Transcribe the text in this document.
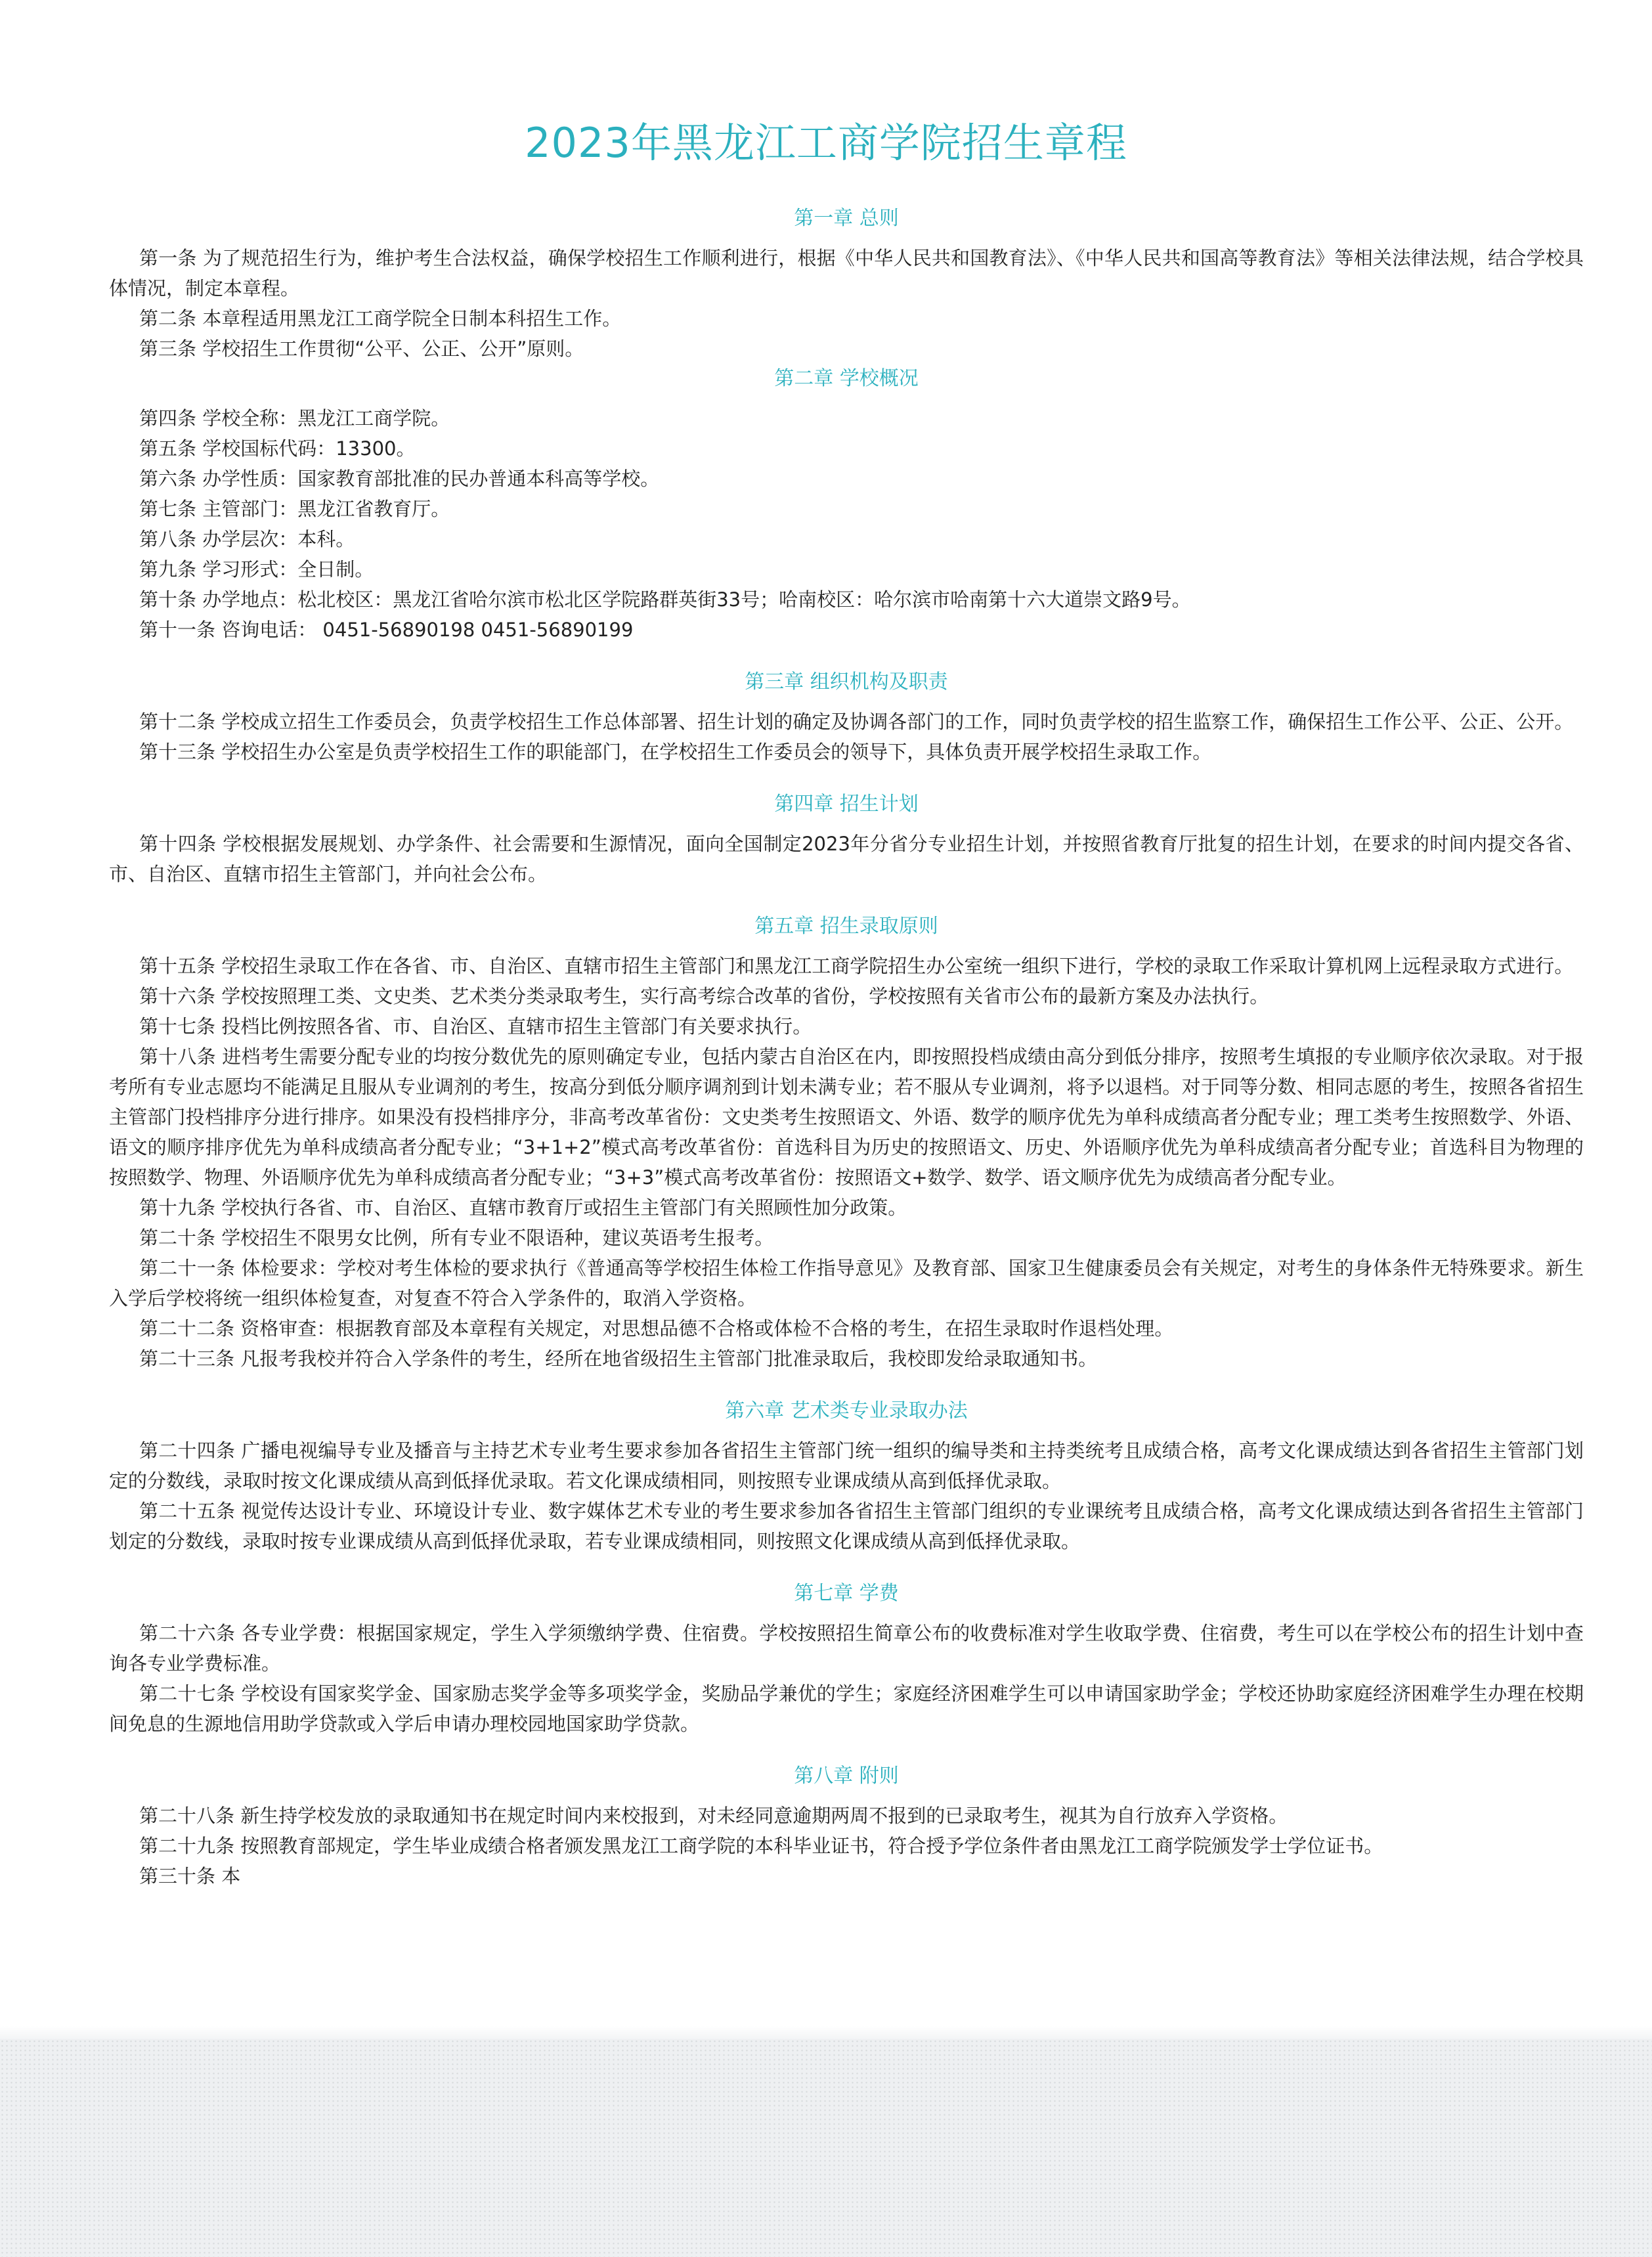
2023年黑龙江工商学院招生章程
第一章 总则

第一条 为了规范招生行为，维护考生合法权益，确保学校招生工作顺利进行，根据《中华人民共和国教育法》、《中华人民共和国高等教育法》等相关法律法规，结合学校具体情况，制定本章程。

第二条 本章程适用黑龙江工商学院全日制本科招生工作。

第三条 学校招生工作贯彻“公平、公正、公开”原则。

第二章 学校概况

第四条 学校全称：黑龙江工商学院。

第五条 学校国标代码：13300。

第六条 办学性质：国家教育部批准的民办普通本科高等学校。

第七条 主管部门：黑龙江省教育厅。

第八条 办学层次：本科。

第九条 学习形式：全日制。

第十条 办学地点：松北校区：黑龙江省哈尔滨市松北区学院路群英街33号；哈南校区：哈尔滨市哈南第十六大道崇文路9号。

第十一条 咨询电话： 0451-56890198 0451-56890199

第三章 组织机构及职责

第十二条 学校成立招生工作委员会，负责学校招生工作总体部署、招生计划的确定及协调各部门的工作，同时负责学校的招生监察工作，确保招生工作公平、公正、公开。

第十三条 学校招生办公室是负责学校招生工作的职能部门，在学校招生工作委员会的领导下，具体负责开展学校招生录取工作。

第四章 招生计划

第十四条 学校根据发展规划、办学条件、社会需要和生源情况，面向全国制定2023年分省分专业招生计划，并按照省教育厅批复的招生计划，在要求的时间内提交各省、市、自治区、直辖市招生主管部门，并向社会公布。

第五章 招生录取原则

第十五条 学校招生录取工作在各省、市、自治区、直辖市招生主管部门和黑龙江工商学院招生办公室统一组织下进行，学校的录取工作采取计算机网上远程录取方式进行。

第十六条 学校按照理工类、文史类、艺术类分类录取考生，实行高考综合改革的省份，学校按照有关省市公布的最新方案及办法执行。

第十七条 投档比例按照各省、市、自治区、直辖市招生主管部门有关要求执行。

第十八条 进档考生需要分配专业的均按分数优先的原则确定专业，包括内蒙古自治区在内，即按照投档成绩由高分到低分排序，按照考生填报的专业顺序依次录取。对于报考所有专业志愿均不能满足且服从专业调剂的考生，按高分到低分顺序调剂到计划未满专业；若不服从专业调剂，将予以退档。对于同等分数、相同志愿的考生，按照各省招生主管部门投档排序分进行排序。如果没有投档排序分，非高考改革省份：文史类考生按照语文、外语、数学的顺序优先为单科成绩高者分配专业；理工类考生按照数学、外语、语文的顺序排序优先为单科成绩高者分配专业；“3+1+2”模式高考改革省份：首选科目为历史的按照语文、历史、外语顺序优先为单科成绩高者分配专业；首选科目为物理的按照数学、物理、外语顺序优先为单科成绩高者分配专业；“3+3”模式高考改革省份：按照语文+数学、数学、语文顺序优先为成绩高者分配专业。

第十九条 学校执行各省、市、自治区、直辖市教育厅或招生主管部门有关照顾性加分政策。

第二十条 学校招生不限男女比例，所有专业不限语种，建议英语考生报考。

第二十一条 体检要求：学校对考生体检的要求执行《普通高等学校招生体检工作指导意见》及教育部、国家卫生健康委员会有关规定，对考生的身体条件无特殊要求。新生入学后学校将统一组织体检复查，对复查不符合入学条件的，取消入学资格。

第二十二条 资格审查：根据教育部及本章程有关规定，对思想品德不合格或体检不合格的考生，在招生录取时作退档处理。

第二十三条 凡报考我校并符合入学条件的考生，经所在地省级招生主管部门批准录取后，我校即发给录取通知书。

第六章 艺术类专业录取办法

第二十四条 广播电视编导专业及播音与主持艺术专业考生要求参加各省招生主管部门统一组织的编导类和主持类统考且成绩合格，高考文化课成绩达到各省招生主管部门划定的分数线，录取时按文化课成绩从高到低择优录取。若文化课成绩相同，则按照专业课成绩从高到低择优录取。

第二十五条 视觉传达设计专业、环境设计专业、数字媒体艺术专业的考生要求参加各省招生主管部门组织的专业课统考且成绩合格，高考文化课成绩达到各省招生主管部门划定的分数线，录取时按专业课成绩从高到低择优录取，若专业课成绩相同，则按照文化课成绩从高到低择优录取。

第七章 学费

第二十六条 各专业学费：根据国家规定，学生入学须缴纳学费、住宿费。学校按照招生简章公布的收费标准对学生收取学费、住宿费，考生可以在学校公布的招生计划中查询各专业学费标准。

第二十七条 学校设有国家奖学金、国家励志奖学金等多项奖学金，奖励品学兼优的学生；家庭经济困难学生可以申请国家助学金；学校还协助家庭经济困难学生办理在校期间免息的生源地信用助学贷款或入学后申请办理校园地国家助学贷款。

第八章 附则

第二十八条 新生持学校发放的录取通知书在规定时间内来校报到，对未经同意逾期两周不报到的已录取考生，视其为自行放弃入学资格。

第二十九条 按照教育部规定，学生毕业成绩合格者颁发黑龙江工商学院的本科毕业证书，符合授予学位条件者由黑龙江工商学院颁发学士学位证书。

第三十条 本
